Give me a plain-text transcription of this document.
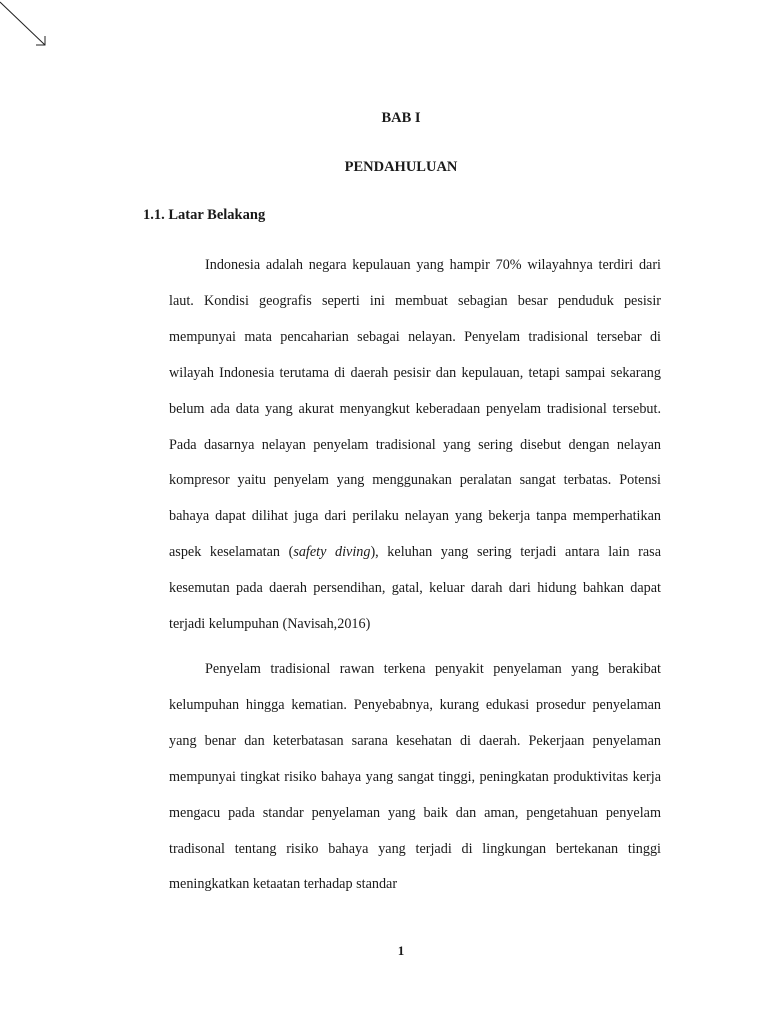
BAB I
PENDAHULUAN
1.1. Latar Belakang

Indonesia adalah negara kepulauan yang hampir 70% wilayahnya terdiri dari laut. Kondisi geografis seperti ini membuat sebagian besar penduduk pesisir mempunyai mata pencaharian sebagai nelayan. Penyelam tradisional tersebar di wilayah Indonesia terutama di daerah pesisir dan kepulauan, tetapi sampai sekarang belum ada data yang akurat menyangkut keberadaan penyelam tradisional tersebut. Pada dasarnya nelayan penyelam tradisional yang sering disebut dengan nelayan kompresor yaitu penyelam yang menggunakan peralatan sangat terbatas. Potensi bahaya dapat dilihat juga dari perilaku nelayan yang bekerja tanpa memperhatikan aspek keselamatan (safety diving), keluhan yang sering terjadi antara lain rasa kesemutan pada daerah persendihan, gatal, keluar darah dari hidung bahkan dapat terjadi kelumpuhan (Navisah,2016)

Penyelam tradisional rawan terkena penyakit penyelaman yang berakibat kelumpuhan hingga kematian. Penyebabnya, kurang edukasi prosedur penyelaman yang benar dan keterbatasan sarana kesehatan di daerah. Pekerjaan penyelaman mempunyai tingkat risiko bahaya yang sangat tinggi, peningkatan produktivitas kerja mengacu pada standar penyelaman yang baik dan aman, pengetahuan penyelam tradisonal tentang risiko bahaya yang terjadi di lingkungan bertekanan tinggi meningkatkan ketaatan terhadap standar

1
